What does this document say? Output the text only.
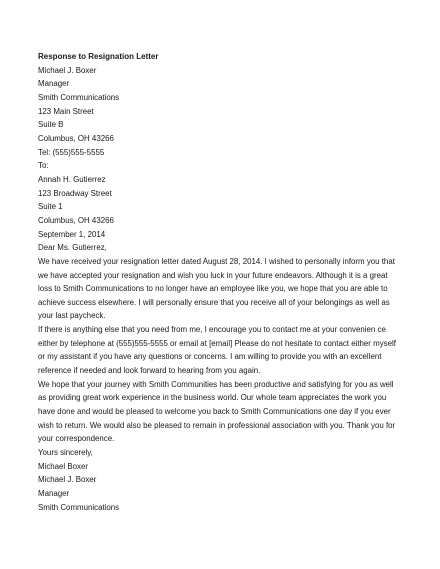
Response to Resignation Letter
Michael J. Boxer
Manager
Smith Communications
123 Main Street
Suite B
Columbus, OH 43266
Tel: (555)555-5555
To:
Annah H. Gutierrez
123 Broadway Street
Suite 1
Columbus, OH 43266
September 1, 2014
Dear Ms. Gutierrez,
We have received your resignation letter dated August 28, 2014. I wished to personally inform you that
we have accepted your resignation and wish you luck in your future endeavors. Although it is a great
loss to Smith Communications to no longer have an employee like you, we hope that you are able to
achieve success elsewhere. I will personally ensure that you receive all of your belongings as well as
your last paycheck.
If there is anything else that you need from me, I encourage you to contact me at your convenien ce
either by telephone at (555)555-5555 or email at [email] Please do not hesitate to contact either myself
or my assistant if you have any questions or concerns. I am willing to provide you with an excellent
reference if needed and look forward to hearing from you again.
We hope that your journey with Smith Communities has been productive and satisfying for you as well
as providing great work experience in the business world. Our whole team appreciates the work you
have done and would be pleased to welcome you back to Smith Communications one day if you ever
wish to return. We would also be pleased to remain in professional association with you. Thank you for
your correspondence.
Yours sincerely,
Michael Boxer
Michael J. Boxer
Manager
Smith Communications
